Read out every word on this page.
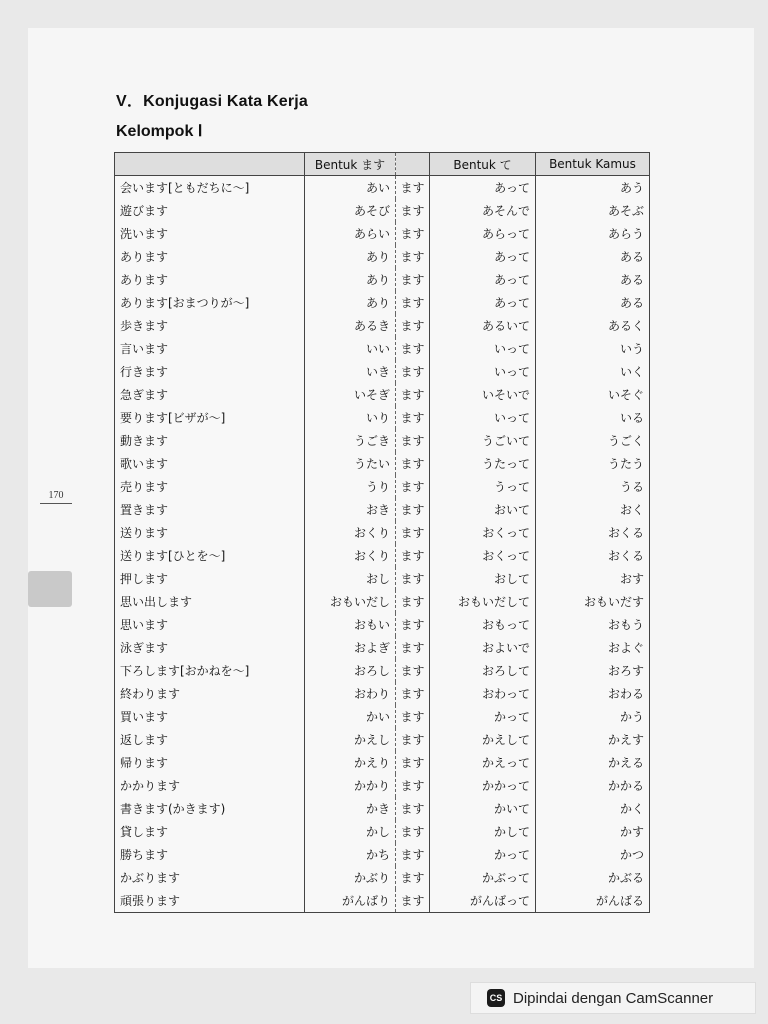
V．Konjugasi Kata Kerja
Kelompok Ⅰ
170
	Bentuk ます		Bentuk て	Bentuk Kamus
会います[ともだちに～]	あい	ます	あって	あう
遊びます	あそび	ます	あそんで	あそぶ
洗います	あらい	ます	あらって	あらう
あります	あり	ます	あって	ある
あります	あり	ます	あって	ある
あります[おまつりが～]	あり	ます	あって	ある
歩きます	あるき	ます	あるいて	あるく
言います	いい	ます	いって	いう
行きます	いき	ます	いって	いく
急ぎます	いそぎ	ます	いそいで	いそぐ
要ります[ビザが～]	いり	ます	いって	いる
動きます	うごき	ます	うごいて	うごく
歌います	うたい	ます	うたって	うたう
売ります	うり	ます	うって	うる
置きます	おき	ます	おいて	おく
送ります	おくり	ます	おくって	おくる
送ります[ひとを～]	おくり	ます	おくって	おくる
押します	おし	ます	おして	おす
思い出します	おもいだし	ます	おもいだして	おもいだす
思います	おもい	ます	おもって	おもう
泳ぎます	およぎ	ます	およいで	およぐ
下ろします[おかねを～]	おろし	ます	おろして	おろす
終わります	おわり	ます	おわって	おわる
買います	かい	ます	かって	かう
返します	かえし	ます	かえして	かえす
帰ります	かえり	ます	かえって	かえる
かかります	かかり	ます	かかって	かかる
書きます(かきます)	かき	ます	かいて	かく
貸します	かし	ます	かして	かす
勝ちます	かち	ます	かって	かつ
かぶります	かぶり	ます	かぶって	かぶる
頑張ります	がんばり	ます	がんばって	がんばる
CS Dipindai dengan CamScanner
